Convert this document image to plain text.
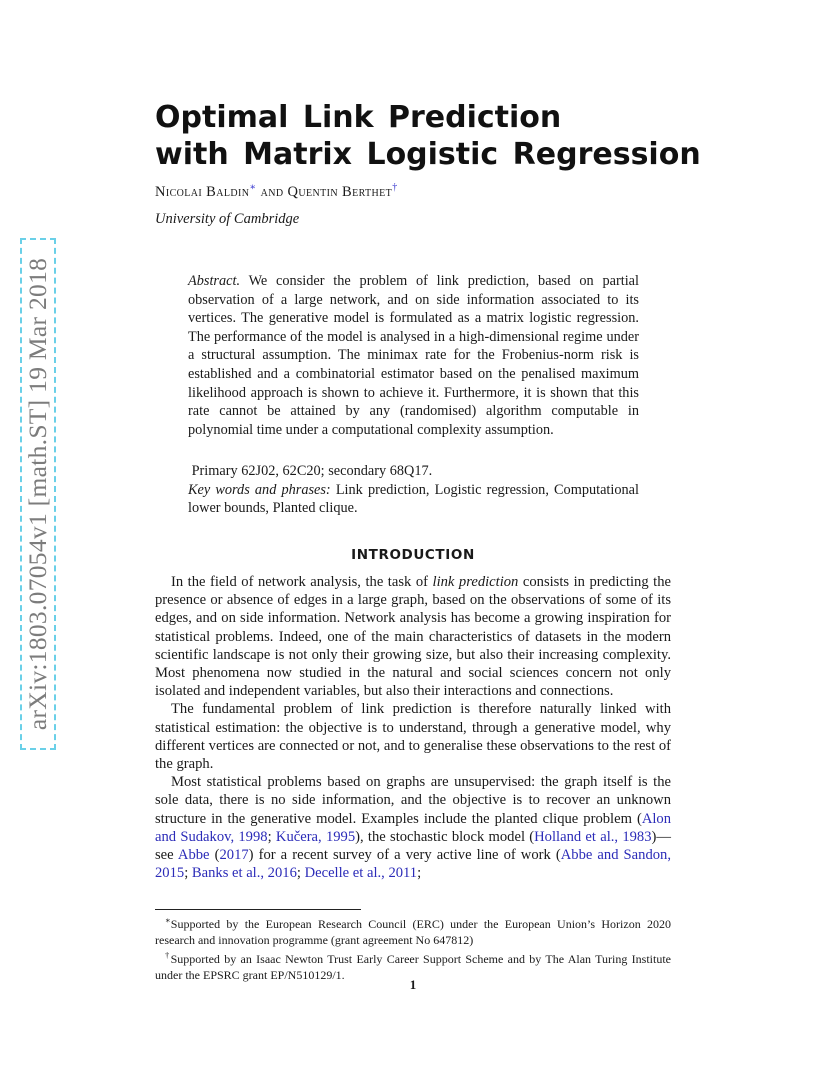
arXiv:1803.07054v1 [math.ST] 19 Mar 2018
Optimal Link Prediction
with Matrix Logistic Regression
Nicolai Baldin∗ and Quentin Berthet†
University of Cambridge
Abstract. We consider the problem of link prediction, based on partial observation of a large network, and on side information associated to its vertices. The generative model is formulated as a matrix logistic regression. The performance of the model is analysed in a high-dimensional regime under a structural assumption. The minimax rate for the Frobenius-norm risk is established and a combinatorial estimator based on the penalised maximum likelihood approach is shown to achieve it. Furthermore, it is shown that this rate cannot be attained by any (randomised) algorithm computable in polynomial time under a computational complexity assumption.
Primary 62J02, 62C20; secondary 68Q17.
Key words and phrases: Link prediction, Logistic regression, Computational lower bounds, Planted clique.
INTRODUCTION

In the field of network analysis, the task of link prediction consists in predicting the presence or absence of edges in a large graph, based on the observations of some of its edges, and on side information. Network analysis has become a growing inspiration for statistical problems. Indeed, one of the main characteristics of datasets in the modern scientific landscape is not only their growing size, but also their increasing complexity. Most phenomena now studied in the natural and social sciences concern not only isolated and independent variables, but also their interactions and connections.

The fundamental problem of link prediction is therefore naturally linked with statistical estimation: the objective is to understand, through a generative model, why different vertices are connected or not, and to generalise these observations to the rest of the graph.

Most statistical problems based on graphs are unsupervised: the graph itself is the sole data, there is no side information, and the objective is to recover an unknown structure in the generative model. Examples include the planted clique problem (Alon and Sudakov, 1998; Kučera, 1995), the stochastic block model (Holland et al., 1983)—see Abbe (2017) for a recent survey of a very active line of work (Abbe and Sandon, 2015; Banks et al., 2016; Decelle et al., 2011;

∗Supported by the European Research Council (ERC) under the European Union’s Horizon 2020 research and innovation programme (grant agreement No 647812)

†Supported by an Isaac Newton Trust Early Career Support Scheme and by The Alan Turing Institute under the EPSRC grant EP/N510129/1.

1
